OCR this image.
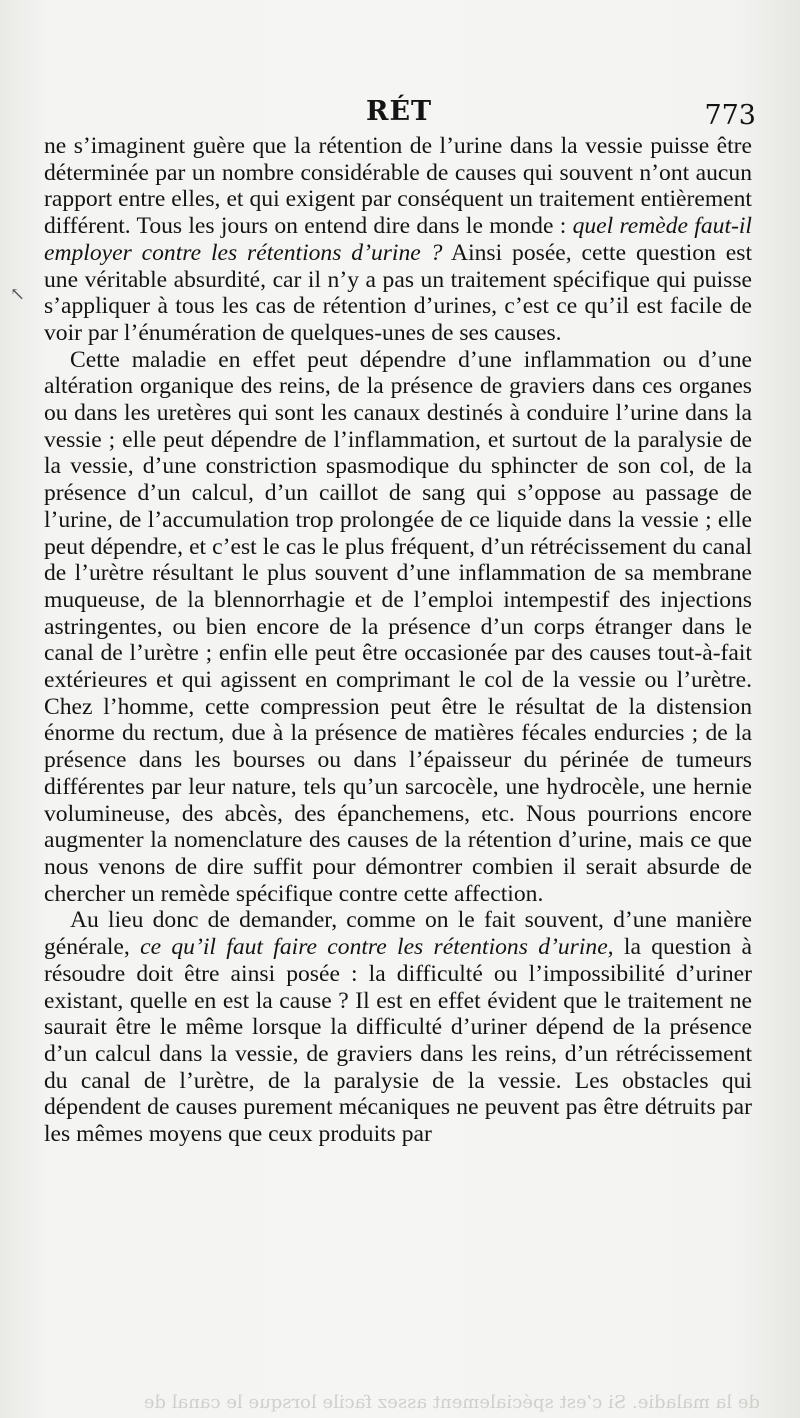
RÉT	773
↖

ne s’imaginent guère que la rétention de l’urine dans la vessie puisse être déterminée par un nombre considérable de causes qui souvent n’ont aucun rapport entre elles, et qui exigent par conséquent un traitement entièrement différent. Tous les jours on entend dire dans le monde : quel remède faut-il employer contre les rétentions d’urine ? Ainsi posée, cette question est une véritable absurdité, car il n’y a pas un traitement spécifique qui puisse s’appliquer à tous les cas de rétention d’urines, c’est ce qu’il est facile de voir par l’énumération de quelques-unes de ses causes.

Cette maladie en effet peut dépendre d’une inflammation ou d’une altération organique des reins, de la présence de graviers dans ces organes ou dans les uretères qui sont les canaux destinés à conduire l’urine dans la vessie ; elle peut dépendre de l’inflammation, et surtout de la paralysie de la vessie, d’une constriction spasmodique du sphincter de son col, de la présence d’un calcul, d’un caillot de sang qui s’oppose au passage de l’urine, de l’accumulation trop prolongée de ce liquide dans la vessie ; elle peut dépendre, et c’est le cas le plus fréquent, d’un rétrécissement du canal de l’urètre résultant le plus souvent d’une inflammation de sa membrane muqueuse, de la blennorrhagie et de l’emploi intempestif des injections astringentes, ou bien encore de la présence d’un corps étranger dans le canal de l’urètre ; enfin elle peut être occasionée par des causes tout-à-fait extérieures et qui agissent en comprimant le col de la vessie ou l’urètre. Chez l’homme, cette compression peut être le résultat de la distension énorme du rectum, due à la présence de matières fécales endurcies ; de la présence dans les bourses ou dans l’épaisseur du périnée de tumeurs différentes par leur nature, tels qu’un sarcocèle, une hydrocèle, une hernie volumineuse, des abcès, des épanchemens, etc. Nous pourrions encore augmenter la nomenclature des causes de la rétention d’urine, mais ce que nous venons de dire suffit pour démontrer combien il serait absurde de chercher un remède spécifique contre cette affection.

Au lieu donc de demander, comme on le fait souvent, d’une manière générale, ce qu’il faut faire contre les rétentions d’urine, la question à résoudre doit être ainsi posée : la difficulté ou l’impossibilité d’uriner existant, quelle en est la cause ? Il est en effet évident que le traitement ne saurait être le même lorsque la difficulté d’uriner dépend de la présence d’un calcul dans la vessie, de graviers dans les reins, d’un rétrécissement du canal de l’urètre, de la paralysie de la vessie. Les obstacles qui dépendent de causes purement mécaniques ne peuvent pas être détruits par les mêmes moyens que ceux produits par

de la maladie. Si c’est spécialement assez facile lorsque le canal de
